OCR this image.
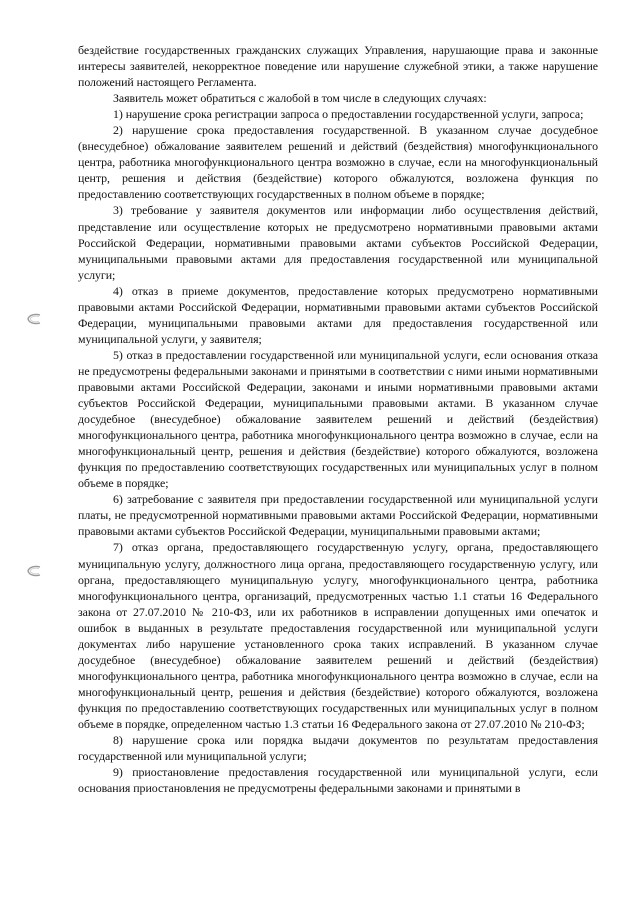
бездействие государственных гражданских служащих Управления, нарушающие права и законные интересы заявителей, некорректное поведение или нарушение служебной этики, а также нарушение положений настоящего Регламента.

Заявитель может обратиться с жалобой в том числе в следующих случаях:

1) нарушение срока регистрации запроса о предоставлении государственной услуги, запроса;

2) нарушение срока предоставления государственной. В указанном случае досудебное (внесудебное) обжалование заявителем решений и действий (бездействия) многофункционального центра, работника многофункционального центра возможно в случае, если на многофункциональный центр, решения и действия (бездействие) которого обжалуются, возложена функция по предоставлению соответствующих государственных в полном объеме в порядке;

3) требование у заявителя документов или информации либо осуществления действий, представление или осуществление которых не предусмотрено нормативными правовыми актами Российской Федерации, нормативными правовыми актами субъектов Российской Федерации, муниципальными правовыми актами для предоставления государственной или муниципальной услуги;

4) отказ в приеме документов, предоставление которых предусмотрено нормативными правовыми актами Российской Федерации, нормативными правовыми актами субъектов Российской Федерации, муниципальными правовыми актами для предоставления государственной или муниципальной услуги, у заявителя;

5) отказ в предоставлении государственной или муниципальной услуги, если основания отказа не предусмотрены федеральными законами и принятыми в соответствии с ними иными нормативными правовыми актами Российской Федерации, законами и иными нормативными правовыми актами субъектов Российской Федерации, муниципальными правовыми актами. В указанном случае досудебное (внесудебное) обжалование заявителем решений и действий (бездействия) многофункционального центра, работника многофункционального центра возможно в случае, если на многофункциональный центр, решения и действия (бездействие) которого обжалуются, возложена функция по предоставлению соответствующих государственных или муниципальных услуг в полном объеме в порядке;

6) затребование с заявителя при предоставлении государственной или муниципальной услуги платы, не предусмотренной нормативными правовыми актами Российской Федерации, нормативными правовыми актами субъектов Российской Федерации, муниципальными правовыми актами;

7) отказ органа, предоставляющего государственную услугу, органа, предоставляющего муниципальную услугу, должностного лица органа, предоставляющего государственную услугу, или органа, предоставляющего муниципальную услугу, многофункционального центра, работника многофункционального центра, организаций, предусмотренных частью 1.1 статьи 16 Федерального закона от 27.07.2010 № 210-ФЗ, или их работников в исправлении допущенных ими опечаток и ошибок в выданных в результате предоставления государственной или муниципальной услуги документах либо нарушение установленного срока таких исправлений. В указанном случае досудебное (внесудебное) обжалование заявителем решений и действий (бездействия) многофункционального центра, работника многофункционального центра возможно в случае, если на многофункциональный центр, решения и действия (бездействие) которого обжалуются, возложена функция по предоставлению соответствующих государственных или муниципальных услуг в полном объеме в порядке, определенном частью 1.3 статьи 16 Федерального закона от 27.07.2010 № 210-ФЗ;

8) нарушение срока или порядка выдачи документов по результатам предоставления государственной или муниципальной услуги;

9) приостановление предоставления государственной или муниципальной услуги, если основания приостановления не предусмотрены федеральными законами и принятыми в
